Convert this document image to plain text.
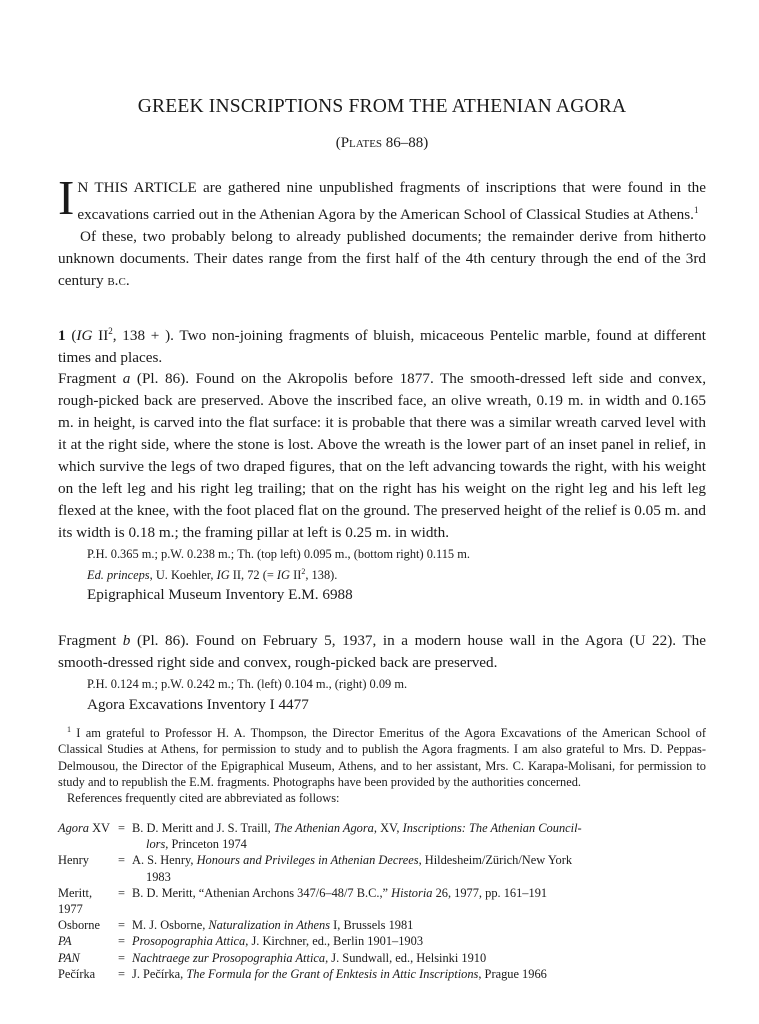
GREEK INSCRIPTIONS FROM THE ATHENIAN AGORA
(Plates 86–88)

I N THIS ARTICLE are gathered nine unpublished fragments of inscriptions that were found in the excavations carried out in the Athenian Agora by the American School of Classical Studies at Athens.$^1$

Of these, two probably belong to already published documents; the remainder derive from hitherto unknown documents. Their dates range from the first half of the 4th century through the end of the 3rd century b.c.

1 (IG $II^2$, 138 + ). Two non-joining fragments of bluish, micaceous Pentelic marble, found at different times and places.

Fragment a (Pl. 86). Found on the Akropolis before 1877. The smooth-dressed left side and convex, rough-picked back are preserved. Above the inscribed face, an olive wreath, 0.19 m. in width and 0.165 m. in height, is carved into the flat surface: it is probable that there was a similar wreath carved level with it at the right side, where the stone is lost. Above the wreath is the lower part of an inset panel in relief, in which survive the legs of two draped figures, that on the left advancing towards the right, with his weight on the left leg and his right leg trailing; that on the right has his weight on the right leg and his left leg flexed at the knee, with the foot placed flat on the ground. The preserved height of the relief is 0.05 m. and its width is 0.18 m.; the framing pillar at left is 0.25 m. in width.

P.H. 0.365 m.; p.W. 0.238 m.; Th. (top left) 0.095 m., (bottom right) 0.115 m.

Ed. princeps, U. Koehler, IG II, 72 (= IG $II^2$, 138).

Epigraphical Museum Inventory E.M. 6988

Fragment b (Pl. 86). Found on February 5, 1937, in a modern house wall in the Agora (U 22). The smooth-dressed right side and convex, rough-picked back are preserved.

P.H. 0.124 m.; p.W. 0.242 m.; Th. (left) 0.104 m., (right) 0.09 m.

Agora Excavations Inventory I 4477

$^1$ I am grateful to Professor H. A. Thompson, the Director Emeritus of the Agora Excavations of the American School of Classical Studies at Athens, for permission to study and to publish the Agora fragments. I am also grateful to Mrs. D. Peppas-Delmousou, the Director of the Epigraphical Museum, Athens, and to her assistant, Mrs. C. Karapa-Molisani, for permission to study and to republish the E.M. fragments. Photographs have been provided by the authorities concerned.

References frequently cited are abbreviated as follows:

Agora XV = B. D. Meritt and J. S. Traill, The Athenian Agora, XV, Inscriptions: The Athenian Council-
lors, Princeton 1974
Henry	= A. S. Henry, Honours and Privileges in Athenian Decrees, Hildesheim/Zürich/New York
1983
Meritt, 1977
= B. D. Meritt, “Athenian Archons 347/6–48/7 B.C.,” Historia 26, 1977, pp. 161–191
Osborne	= M. J. Osborne, Naturalization in Athens I, Brussels 1981
PA	= Prosopographia Attica, J. Kirchner, ed., Berlin 1901–1903
PAN	= Nachtraege zur Prosopographia Attica, J. Sundwall, ed., Helsinki 1910
Pečírka	= J. Pečírka, The Formula for the Grant of Enktesis in Attic Inscriptions, Prague 1966
